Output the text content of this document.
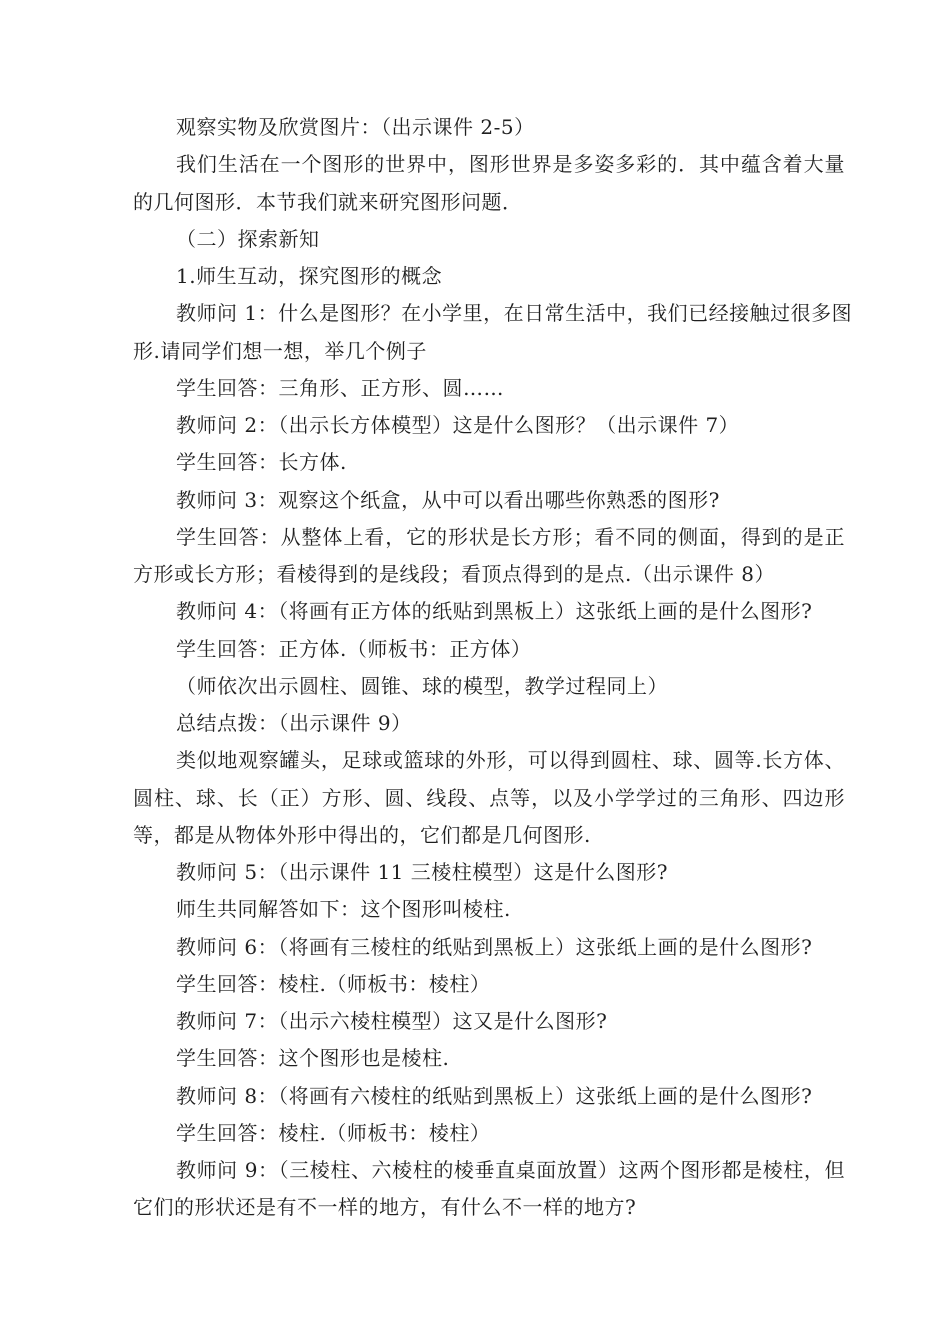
观察实物及欣赏图片：（出示课件 2-5）
我们生活在一个图形的世界中，图形世界是多姿多彩的．其中蕴含着大量
的几何图形．本节我们就来研究图形问题．
（二）探索新知
1.师生互动，探究图形的概念
教师问 1：什么是图形？在小学里，在日常生活中，我们已经接触过很多图
形.请同学们想一想，举几个例子
学生回答：三角形、正方形、圆……
教师问 2：（出示长方体模型）这是什么图形？（出示课件 7）
学生回答：长方体.
教师问 3：观察这个纸盒，从中可以看出哪些你熟悉的图形?
学生回答：从整体上看，它的形状是长方形；看不同的侧面，得到的是正
方形或长方形；看棱得到的是线段；看顶点得到的是点.（出示课件 8）
教师问 4：（将画有正方体的纸贴到黑板上）这张纸上画的是什么图形?
学生回答：正方体.（师板书：正方体）
（师依次出示圆柱、圆锥、球的模型，教学过程同上）
总结点拨：（出示课件 9）
类似地观察罐头，足球或篮球的外形，可以得到圆柱、球、圆等.长方体、
圆柱、球、长（正）方形、圆、线段、点等，以及小学学过的三角形、四边形
等，都是从物体外形中得出的，它们都是几何图形.
教师问 5：（出示课件 11 三棱柱模型）这是什么图形?
师生共同解答如下：这个图形叫棱柱.
教师问 6：（将画有三棱柱的纸贴到黑板上）这张纸上画的是什么图形?
学生回答：棱柱.（师板书：棱柱）
教师问 7：（出示六棱柱模型）这又是什么图形?
学生回答：这个图形也是棱柱.
教师问 8：（将画有六棱柱的纸贴到黑板上）这张纸上画的是什么图形?
学生回答：棱柱.（师板书：棱柱）
教师问 9：（三棱柱、六棱柱的棱垂直桌面放置）这两个图形都是棱柱，但
它们的形状还是有不一样的地方，有什么不一样的地方?
